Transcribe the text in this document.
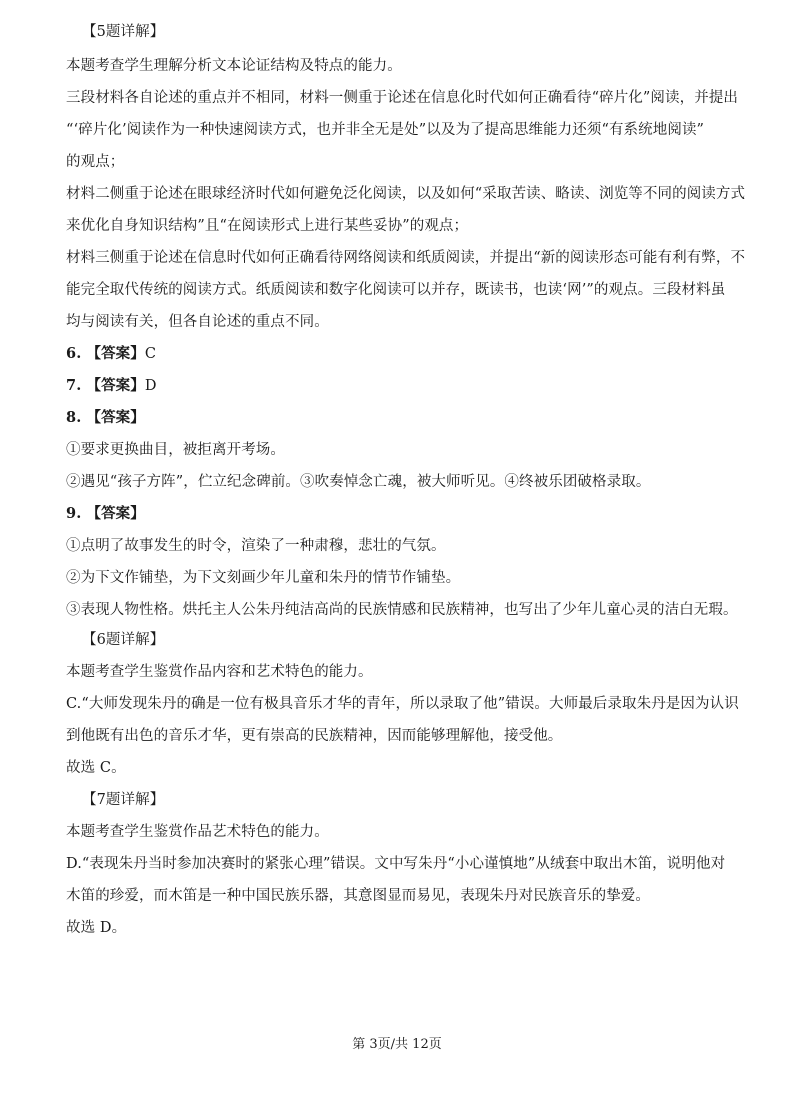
【5题详解】
本题考查学生理解分析文本论证结构及特点的能力。
三段材料各自论述的重点并不相同，材料一侧重于论述在信息化时代如何正确看待“碎片化”阅读，并提出
“‘碎片化’阅读作为一种快速阅读方式，也并非全无是处”以及为了提高思维能力还须“有系统地阅读”
的观点；
材料二侧重于论述在眼球经济时代如何避免泛化阅读，以及如何“采取苦读、略读、浏览等不同的阅读方式
来优化自身知识结构”且“在阅读形式上进行某些妥协”的观点；
材料三侧重于论述在信息时代如何正确看待网络阅读和纸质阅读，并提出“新的阅读形态可能有利有弊，不
能完全取代传统的阅读方式。纸质阅读和数字化阅读可以并存，既读书，也读‘网’”的观点。三段材料虽
均与阅读有关，但各自论述的重点不同。
6. 【答案】C
7. 【答案】D
8. 【答案】
①要求更换曲目，被拒离开考场。
②遇见“孩子方阵”，伫立纪念碑前。③吹奏悼念亡魂，被大师听见。④终被乐团破格录取。
9. 【答案】
①点明了故事发生的时令，渲染了一种肃穆，悲壮的气氛。
②为下文作铺垫，为下文刻画少年儿童和朱丹的情节作铺垫。
③表现人物性格。烘托主人公朱丹纯洁高尚的民族情感和民族精神，也写出了少年儿童心灵的洁白无瑕。
【6题详解】
本题考查学生鉴赏作品内容和艺术特色的能力。
C.“大师发现朱丹的确是一位有极具音乐才华的青年，所以录取了他”错误。大师最后录取朱丹是因为认识
到他既有出色的音乐才华，更有崇高的民族精神，因而能够理解他，接受他。
故选 C。
【7题详解】
本题考查学生鉴赏作品艺术特色的能力。
D.“表现朱丹当时参加决赛时的紧张心理”错误。文中写朱丹“小心谨慎地”从绒套中取出木笛，说明他对
木笛的珍爱，而木笛是一种中国民族乐器，其意图显而易见，表现朱丹对民族音乐的挚爱。
故选 D。
第 3页/共 12页
